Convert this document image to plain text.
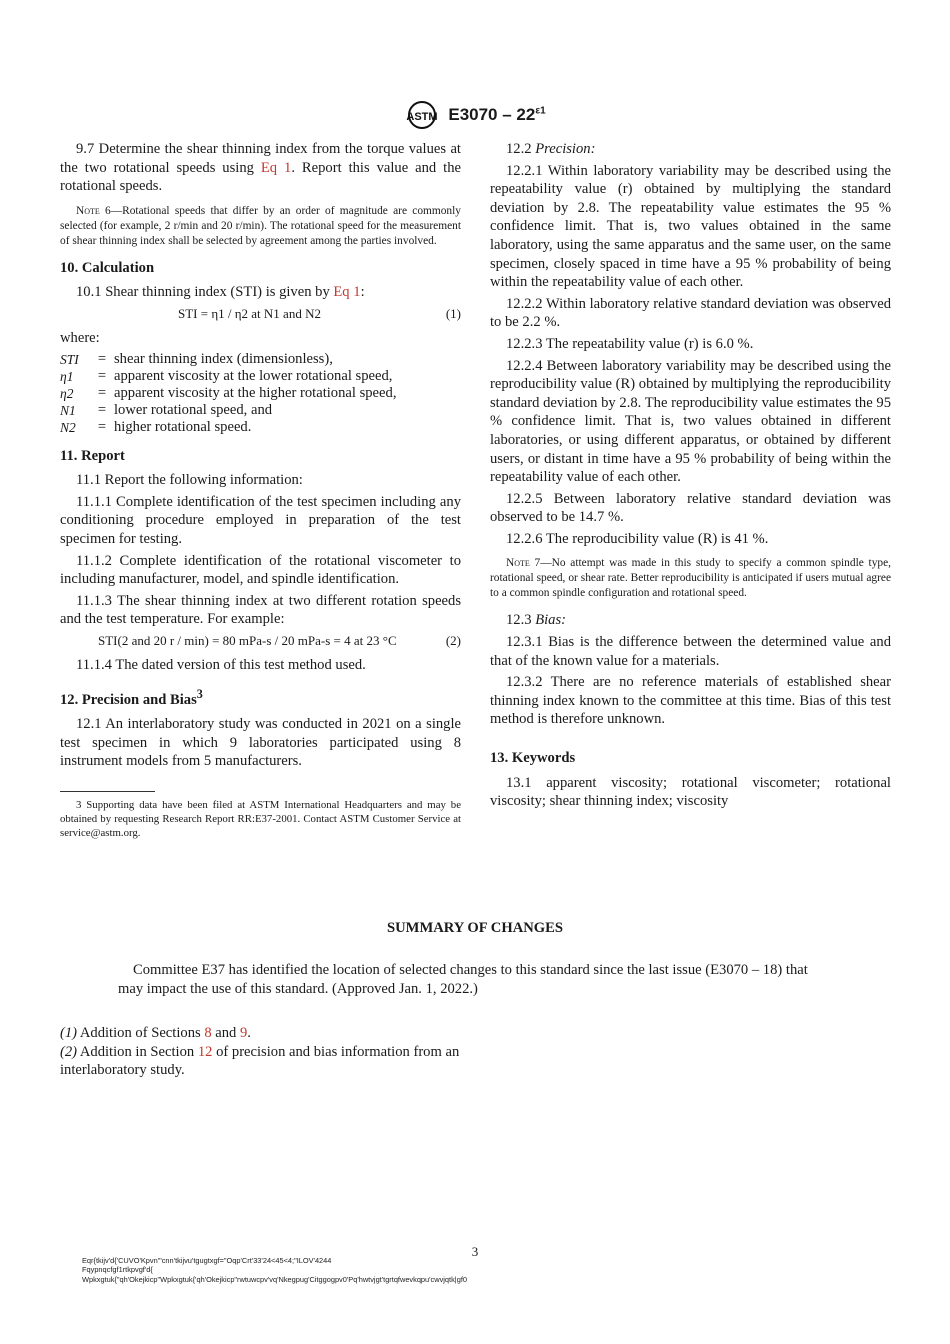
ASTM $E3070 - 22^{\varepsilon 1}$

9.7 Determine the shear thinning index from the torque values at the two rotational speeds using Eq 1. Report this value and the rotational speeds.

Note 6—Rotational speeds that differ by an order of magnitude are commonly selected (for example, 2 r/min and 20 r/min). The rotational speed for the measurement of shear thinning index shall be selected by agreement among the parties involved.

10. Calculation

10.1 Shear thinning index (STI) is given by Eq 1:

STI = η1 / η2 at N1 and N2	(1)

where:

STI	=	shear thinning index (dimensionless),
η1	=	apparent viscosity at the lower rotational speed,
η2	=	apparent viscosity at the higher rotational speed,
N1	=	lower rotational speed, and
N2	=	higher rotational speed.

11. Report

11.1 Report the following information:

11.1.1 Complete identification of the test specimen including any conditioning procedure employed in preparation of the test specimen for testing.

11.1.2 Complete identification of the rotational viscometer to including manufacturer, model, and spindle identification.

11.1.3 The shear thinning index at two different rotation speeds and the test temperature. For example:

STI(2 and 20 r / min) = 80 mPa-s / 20 mPa-s = 4 at 23 °C	(2)

11.1.4 The dated version of this test method used.

12. Precision and Bias$^3$

12.1 An interlaboratory study was conducted in 2021 on a single test specimen in which 9 laboratories participated using 8 instrument models from 5 manufacturers.

3 Supporting data have been filed at ASTM International Headquarters and may be obtained by requesting Research Report RR:E37-2001. Contact ASTM Customer Service at service@astm.org.

12.2 Precision:

12.2.1 Within laboratory variability may be described using the repeatability value (r) obtained by multiplying the standard deviation by 2.8. The repeatability value estimates the 95 % confidence limit. That is, two values obtained in the same laboratory, using the same apparatus and the same user, on the same specimen, closely spaced in time have a 95 % probability of being within the repeatability value of each other.

12.2.2 Within laboratory relative standard deviation was observed to be 2.2 %.

12.2.3 The repeatability value (r) is 6.0 %.

12.2.4 Between laboratory variability may be described using the reproducibility value (R) obtained by multiplying the reproducibility standard deviation by 2.8. The reproducibility value estimates the 95 % confidence limit. That is, two values obtained in different laboratories, or using different apparatus, or obtained by different users, or distant in time have a 95 % probability of being within the repeatability value of each other.

12.2.5 Between laboratory relative standard deviation was observed to be 14.7 %.

12.2.6 The reproducibility value (R) is 41 %.

Note 7—No attempt was made in this study to specify a common spindle type, rotational speed, or shear rate. Better reproducibility is anticipated if users mutual agree to a common spindle configuration and rotational speed.

12.3 Bias:

12.3.1 Bias is the difference between the determined value and that of the known value for a materials.

12.3.2 There are no reference materials of established shear thinning index known to the committee at this time. Bias of this test method is therefore unknown.

13. Keywords

13.1 apparent viscosity; rotational viscometer; rotational viscosity; shear thinning index; viscosity

SUMMARY OF CHANGES
Committee E37 has identified the location of selected changes to this standard since the last issue (E3070 – 18) that may impact the use of this standard. (Approved Jan. 1, 2022.)

(1) Addition of Sections 8 and 9.

(2) Addition in Section 12 of precision and bias information from an interlaboratory study.

3
Eqr{tkijv'd{'CUVO'Kpvn'"cnn'tkijvu'tgugtxgf="Oqp'Crt'33'24<45<4;"ILOV'4244
Fqypnqcfgf1rtkpvgf'd{
Wpkxgtuk{"qh'Okejkicp"Wpkxgtuk{'qh'Okejkicp"rwtuwcpv'vq'Nkegpug'Citggogpv0'Pq'hwtvjgt'tgrtqfwevkqpu'cwvjqtk|gf0
